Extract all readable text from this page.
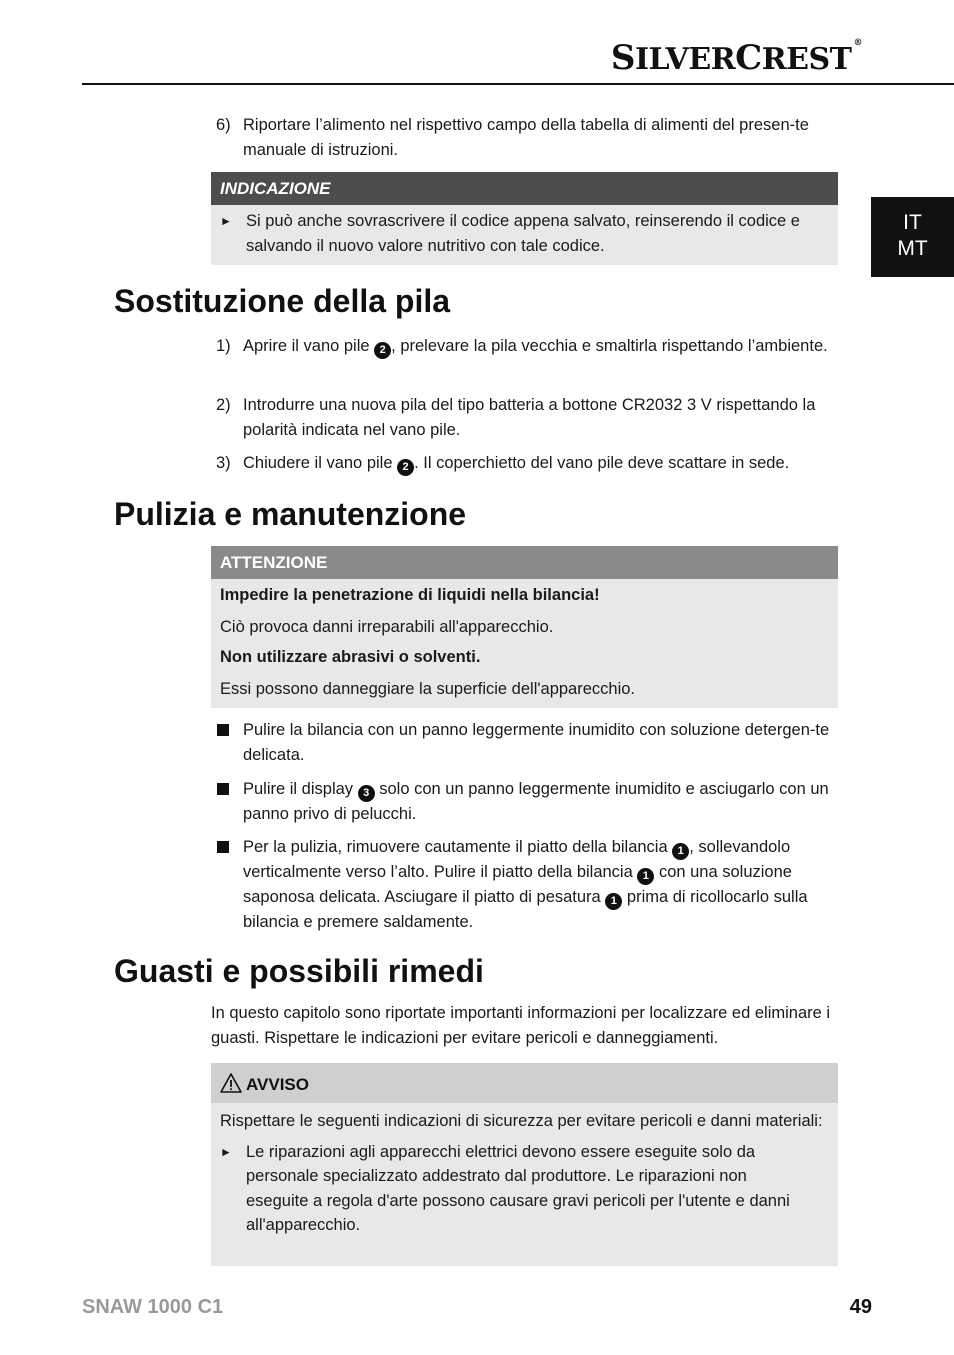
SILVERCREST ®
IT
MT
6) Riportare l’alimento nel rispettivo campo della tabella di alimenti del presen-te manuale di istruzioni.
INDICAZIONE
► Si può anche sovrascrivere il codice appena salvato, reinserendo il codice e salvando il nuovo valore nutritivo con tale codice.
Sostituzione della pila
1) Aprire il vano pile 2 , prelevare la pila vecchia e smaltirla rispettando l’ambiente.
2) Introdurre una nuova pila del tipo batteria a bottone CR2032 3 V rispettando la polarità indicata nel vano pile.
3) Chiudere il vano pile 2 . Il coperchietto del vano pile deve scattare in sede.
Pulizia e manutenzione
ATTENZIONE
Impedire la penetrazione di liquidi nella bilancia!
Ciò provoca danni irreparabili all'apparecchio.
Non utilizzare abrasivi o solventi.
Essi possono danneggiare la superficie dell'apparecchio.
Pulire la bilancia con un panno leggermente inumidito con soluzione detergen-te delicata.
Pulire il display 3 solo con un panno leggermente inumidito e asciugarlo con un panno privo di pelucchi.
Per la pulizia, rimuovere cautamente il piatto della bilancia 1 , sollevandolo verticalmente verso l’alto. Pulire il piatto della bilancia 1 con una soluzione saponosa delicata. Asciugare il piatto di pesatura 1 prima di ricollocarlo sulla bilancia e premere saldamente.
Guasti e possibili rimedi
In questo capitolo sono riportate importanti informazioni per localizzare ed eliminare i guasti. Rispettare le indicazioni per evitare pericoli e danneggiamenti.
AVVISO
Rispettare le seguenti indicazioni di sicurezza per evitare pericoli e danni materiali:
► Le riparazioni agli apparecchi elettrici devono essere eseguite solo da personale specializzato addestrato dal produttore. Le riparazioni non eseguite a regola d'arte possono causare gravi pericoli per l'utente e danni all'apparecchio.
SNAW 1000 C1	49
